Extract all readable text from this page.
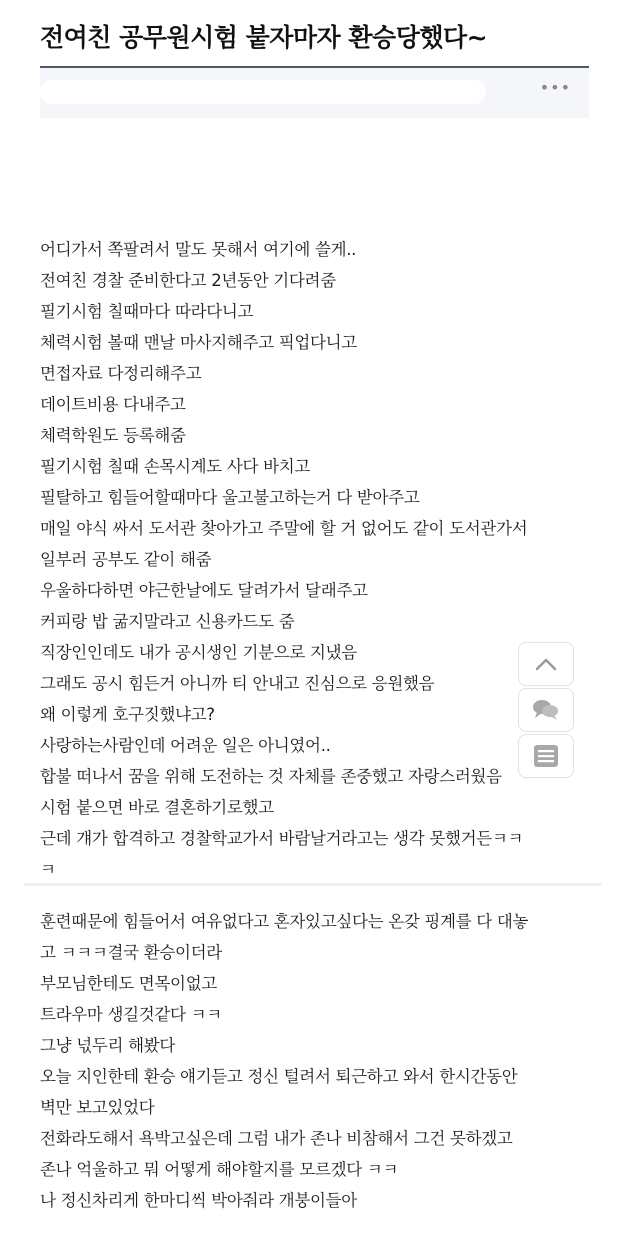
전여친 공무원시험 붙자마자 환승당했다~
•••
어디가서 쪽팔려서 말도 못해서 여기에 쓸게..
전여친 경찰 준비한다고 2년동안 기다려줌
필기시험 칠때마다 따라다니고
체력시험 볼때 맨날 마사지해주고 픽업다니고
면접자료 다정리해주고
데이트비용 다내주고
체력학원도 등록해줌
필기시험 칠때 손목시계도 사다 바치고
필탈하고 힘들어할때마다 울고불고하는거 다 받아주고
매일 야식 싸서 도서관 찾아가고 주말에 할 거 없어도 같이 도서관가서
일부러 공부도 같이 해줌
우울하다하면 야근한날에도 달려가서 달래주고
커피랑 밥 굶지말라고 신용카드도 줌
직장인인데도 내가 공시생인 기분으로 지냈음
그래도 공시 힘든거 아니까 티 안내고 진심으로 응원했음
왜 이렇게 호구짓했냐고?
사랑하는사람인데 어려운 일은 아니였어..
합불 떠나서 꿈을 위해 도전하는 것 자체를 존중했고 자랑스러웠음
시험 붙으면 바로 결혼하기로했고
근데 걔가 합격하고 경찰학교가서 바람날거라고는 생각 못했거든ㅋㅋ
ㅋ
훈련때문에 힘들어서 여유없다고 혼자있고싶다는 온갖 핑계를 다 대놓
고 ㅋㅋㅋ결국 환승이더라
부모님한테도 면목이없고
트라우마 생길것같다 ㅋㅋ
그냥 넋두리 해봤다
오늘 지인한테 환승 얘기듣고 정신 털려서 퇴근하고 와서 한시간동안
벽만 보고있었다
전화라도해서 욕박고싶은데 그럼 내가 존나 비참해서 그건 못하겠고
존나 억울하고 뭐 어떻게 해야할지를 모르겠다 ㅋㅋ
나 정신차리게 한마디씩 박아줘라 개붕이들아
